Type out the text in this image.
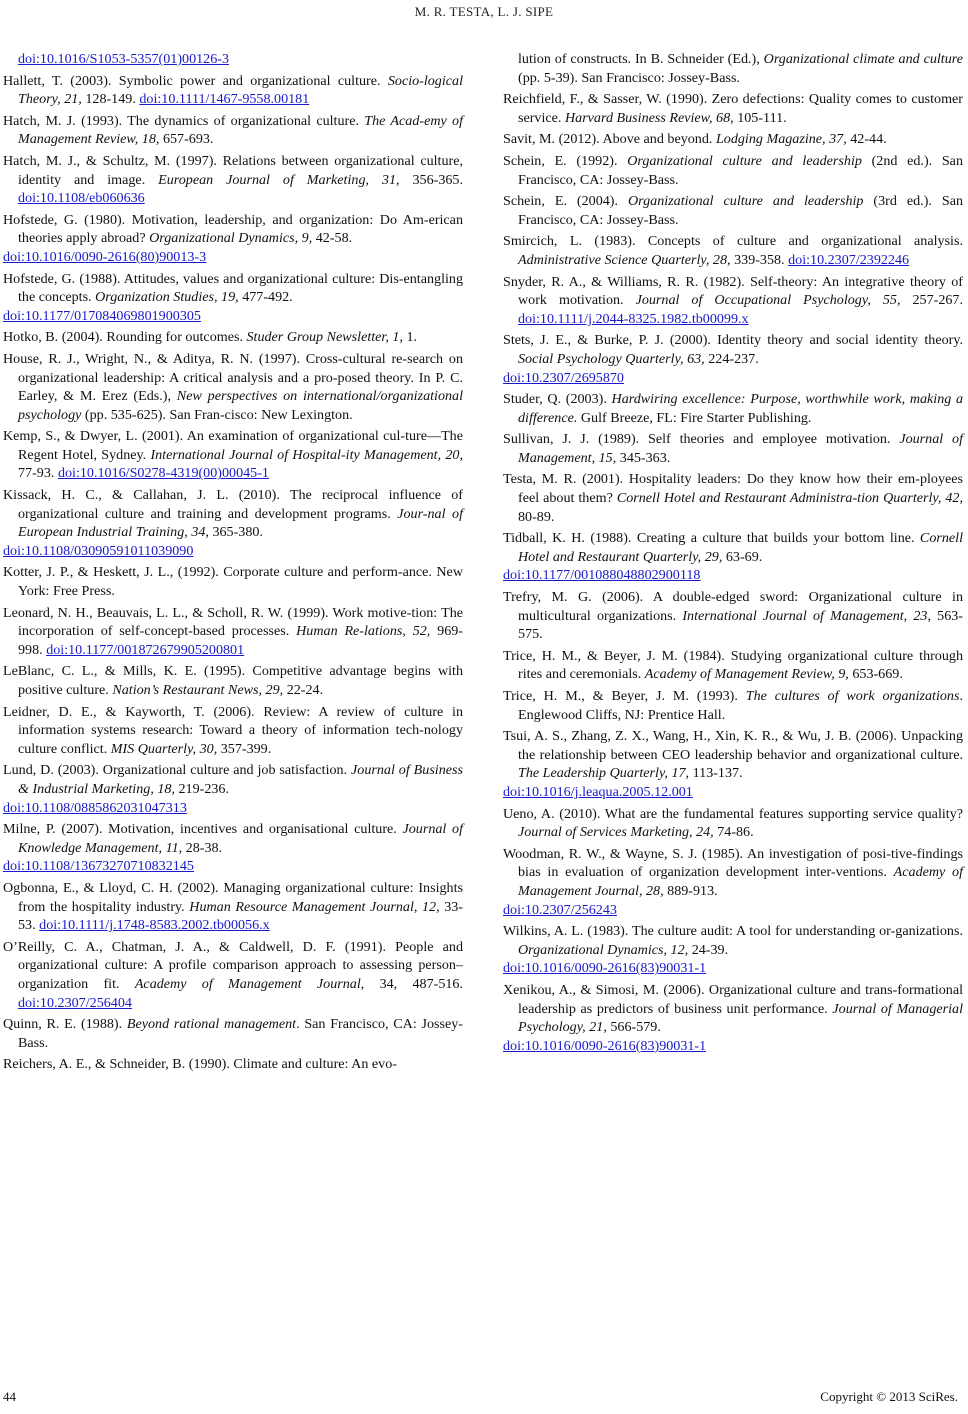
M. R. TESTA, L. J. SIPE

doi:10.1016/S1053-5357(01)00126-3

Hallett, T. (2003). Symbolic power and organizational culture. Socio-logical Theory, 21, 128-149. doi:10.1111/1467-9558.00181

Hatch, M. J. (1993). The dynamics of organizational culture. The Acad-emy of Management Review, 18, 657-693.

Hatch, M. J., & Schultz, M. (1997). Relations between organizational culture, identity and image. European Journal of Marketing, 31, 356-365. doi:10.1108/eb060636

Hofstede, G. (1980). Motivation, leadership, and organization: Do Am-erican theories apply abroad? Organizational Dynamics, 9, 42-58.
doi:10.1016/0090-2616(80)90013-3

Hofstede, G. (1988). Attitudes, values and organizational culture: Dis-entangling the concepts. Organization Studies, 19, 477-492.
doi:10.1177/017084069801900305

Hotko, B. (2004). Rounding for outcomes. Studer Group Newsletter, 1, 1.

House, R. J., Wright, N., & Aditya, R. N. (1997). Cross-cultural re-search on organizational leadership: A critical analysis and a pro-posed theory. In P. C. Earley, & M. Erez (Eds.), New perspectives on international/organizational psychology (pp. 535-625). San Fran-cisco: New Lexington.

Kemp, S., & Dwyer, L. (2001). An examination of organizational cul-ture—The Regent Hotel, Sydney. International Journal of Hospital-ity Management, 20, 77-93. doi:10.1016/S0278-4319(00)00045-1

Kissack, H. C., & Callahan, J. L. (2010). The reciprocal influence of organizational culture and training and development programs. Jour-nal of European Industrial Training, 34, 365-380.
doi:10.1108/03090591011039090

Kotter, J. P., & Heskett, J. L., (1992). Corporate culture and perform-ance. New York: Free Press.

Leonard, N. H., Beauvais, L. L., & Scholl, R. W. (1999). Work motive-tion: The incorporation of self-concept-based processes. Human Re-lations, 52, 969-998. doi:10.1177/001872679905200801

LeBlanc, C. L., & Mills, K. E. (1995). Competitive advantage begins with positive culture. Nation’s Restaurant News, 29, 22-24.

Leidner, D. E., & Kayworth, T. (2006). Review: A review of culture in information systems research: Toward a theory of information tech-nology culture conflict. MIS Quarterly, 30, 357-399.

Lund, D. (2003). Organizational culture and job satisfaction. Journal of Business & Industrial Marketing, 18, 219-236.
doi:10.1108/0885862031047313

Milne, P. (2007). Motivation, incentives and organisational culture. Journal of Knowledge Management, 11, 28-38.
doi:10.1108/13673270710832145

Ogbonna, E., & Lloyd, C. H. (2002). Managing organizational culture: Insights from the hospitality industry. Human Resource Management Journal, 12, 33-53. doi:10.1111/j.1748-8583.2002.tb00056.x

O’Reilly, C. A., Chatman, J. A., & Caldwell, D. F. (1991). People and organizational culture: A profile comparison approach to assessing person–organization fit. Academy of Management Journal, 34, 487-516. doi:10.2307/256404

Quinn, R. E. (1988). Beyond rational management. San Francisco, CA: Jossey-Bass.

Reichers, A. E., & Schneider, B. (1990). Climate and culture: An evo-

lution of constructs. In B. Schneider (Ed.), Organizational climate and culture (pp. 5-39). San Francisco: Jossey-Bass.

Reichfield, F., & Sasser, W. (1990). Zero defections: Quality comes to customer service. Harvard Business Review, 68, 105-111.

Savit, M. (2012). Above and beyond. Lodging Magazine, 37, 42-44.

Schein, E. (1992). Organizational culture and leadership (2nd ed.). San Francisco, CA: Jossey-Bass.

Schein, E. (2004). Organizational culture and leadership (3rd ed.). San Francisco, CA: Jossey-Bass.

Smircich, L. (1983). Concepts of culture and organizational analysis. Administrative Science Quarterly, 28, 339-358. doi:10.2307/2392246

Snyder, R. A., & Williams, R. R. (1982). Self-theory: An integrative theory of work motivation. Journal of Occupational Psychology, 55, 257-267. doi:10.1111/j.2044-8325.1982.tb00099.x

Stets, J. E., & Burke, P. J. (2000). Identity theory and social identity theory. Social Psychology Quarterly, 63, 224-237.
doi:10.2307/2695870

Studer, Q. (2003). Hardwiring excellence: Purpose, worthwhile work, making a difference. Gulf Breeze, FL: Fire Starter Publishing.

Sullivan, J. J. (1989). Self theories and employee motivation. Journal of Management, 15, 345-363.

Testa, M. R. (2001). Hospitality leaders: Do they know how their em-ployees feel about them? Cornell Hotel and Restaurant Administra-tion Quarterly, 42, 80-89.

Tidball, K. H. (1988). Creating a culture that builds your bottom line. Cornell Hotel and Restaurant Quarterly, 29, 63-69.
doi:10.1177/001088048802900118

Trefry, M. G. (2006). A double-edged sword: Organizational culture in multicultural organizations. International Journal of Management, 23, 563-575.

Trice, H. M., & Beyer, J. M. (1984). Studying organizational culture through rites and ceremonials. Academy of Management Review, 9, 653-669.

Trice, H. M., & Beyer, J. M. (1993). The cultures of work organizations. Englewood Cliffs, NJ: Prentice Hall.

Tsui, A. S., Zhang, Z. X., Wang, H., Xin, K. R., & Wu, J. B. (2006). Unpacking the relationship between CEO leadership behavior and organizational culture. The Leadership Quarterly, 17, 113-137.
doi:10.1016/j.leaqua.2005.12.001

Ueno, A. (2010). What are the fundamental features supporting service quality? Journal of Services Marketing, 24, 74-86.

Woodman, R. W., & Wayne, S. J. (1985). An investigation of posi-tive-findings bias in evaluation of organization development inter-ventions. Academy of Management Journal, 28, 889-913.
doi:10.2307/256243

Wilkins, A. L. (1983). The culture audit: A tool for understanding or-ganizations. Organizational Dynamics, 12, 24-39.
doi:10.1016/0090-2616(83)90031-1

Xenikou, A., & Simosi, M. (2006). Organizational culture and trans-formational leadership as predictors of business unit performance. Journal of Managerial Psychology, 21, 566-579.
doi:10.1016/0090-2616(83)90031-1

44	Copyright © 2013 SciRes.
